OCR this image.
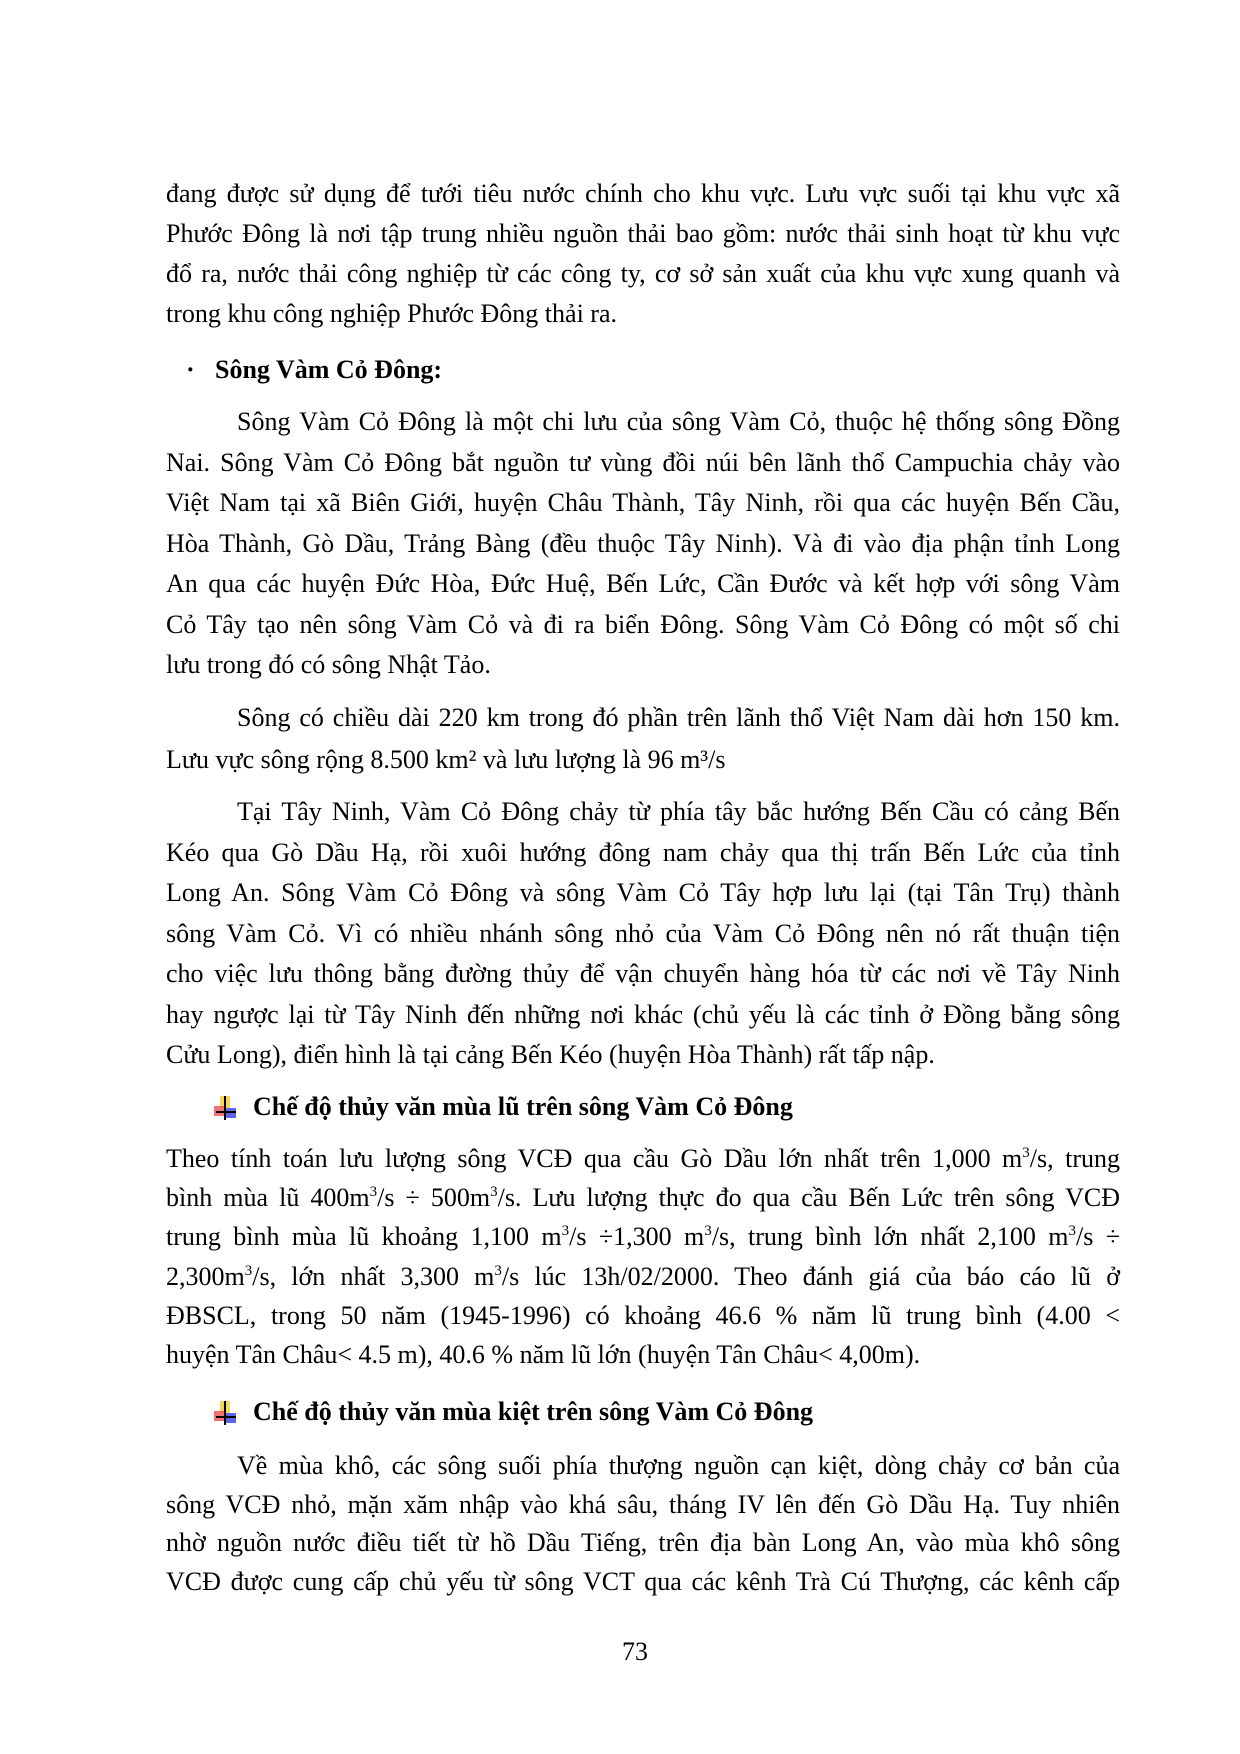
đang được sử dụng để tưới tiêu nước chính cho khu vực. Lưu vực suối tại khu vực xã
Phước Đông là nơi tập trung nhiều nguồn thải bao gồm: nước thải sinh hoạt từ khu vực
đổ ra, nước thải công nghiệp từ các công ty, cơ sở sản xuất của khu vực xung quanh và
trong khu công nghiệp Phước Đông thải ra.
· Sông Vàm Cỏ Đông:
Sông Vàm Cỏ Đông là một chi lưu của sông Vàm Cỏ, thuộc hệ thống sông Đồng
Nai. Sông Vàm Cỏ Đông bắt nguồn tư vùng đồi núi bên lãnh thổ Campuchia chảy vào
Việt Nam tại xã Biên Giới, huyện Châu Thành, Tây Ninh, rồi qua các huyện Bến Cầu,
Hòa Thành, Gò Dầu, Trảng Bàng (đều thuộc Tây Ninh). Và đi vào địa phận tỉnh Long
An qua các huyện Đức Hòa, Đức Huệ, Bến Lức, Cần Đước và kết hợp với sông Vàm
Cỏ Tây tạo nên sông Vàm Cỏ và đi ra biển Đông. Sông Vàm Cỏ Đông có một số chi
lưu trong đó có sông Nhật Tảo.
Sông có chiều dài 220 km trong đó phần trên lãnh thổ Việt Nam dài hơn 150 km.
Lưu vực sông rộng 8.500 km² và lưu lượng là 96 m³/s
Tại Tây Ninh, Vàm Cỏ Đông chảy từ phía tây bắc hướng Bến Cầu có cảng Bến
Kéo qua Gò Dầu Hạ, rồi xuôi hướng đông nam chảy qua thị trấn Bến Lức của tỉnh
Long An. Sông Vàm Cỏ Đông và sông Vàm Cỏ Tây hợp lưu lại (tại Tân Trụ) thành
sông Vàm Cỏ. Vì có nhiều nhánh sông nhỏ của Vàm Cỏ Đông nên nó rất thuận tiện
cho việc lưu thông bằng đường thủy để vận chuyển hàng hóa từ các nơi về Tây Ninh
hay ngược lại từ Tây Ninh đến những nơi khác (chủ yếu là các tỉnh ở Đồng bằng sông
Cửu Long), điển hình là tại cảng Bến Kéo (huyện Hòa Thành) rất tấp nập.
Chế độ thủy văn mùa lũ trên sông Vàm Cỏ Đông
Theo tính toán lưu lượng sông VCĐ qua cầu Gò Dầu lớn nhất trên 1,000 $m^3/s$, trung
bình mùa lũ $400m^3/s \div 500m^3/s$. Lưu lượng thực đo qua cầu Bến Lức trên sông VCĐ
trung bình mùa lũ khoảng 1,100 $m^3/s \div 1,300$ $m^3/s$, trung bình lớn nhất 2,100 $m^3/s$ ÷
$2,300m^3/s$, lớn nhất 3,300 $m^3/s$ lúc 13h/02/2000. Theo đánh giá của báo cáo lũ ở
ĐBSCL, trong 50 năm (1945-1996) có khoảng 46.6 % năm lũ trung bình (4.00 <
huyện Tân Châu< 4.5 m), 40.6 % năm lũ lớn (huyện Tân Châu< 4,00m).
Chế độ thủy văn mùa kiệt trên sông Vàm Cỏ Đông
Về mùa khô, các sông suối phía thượng nguồn cạn kiệt, dòng chảy cơ bản của
sông VCĐ nhỏ, mặn xăm nhập vào khá sâu, tháng IV lên đến Gò Dầu Hạ. Tuy nhiên
nhờ nguồn nước điều tiết từ hồ Dầu Tiếng, trên địa bàn Long An, vào mùa khô sông
VCĐ được cung cấp chủ yếu từ sông VCT qua các kênh Trà Cú Thượng, các kênh cấp
73
